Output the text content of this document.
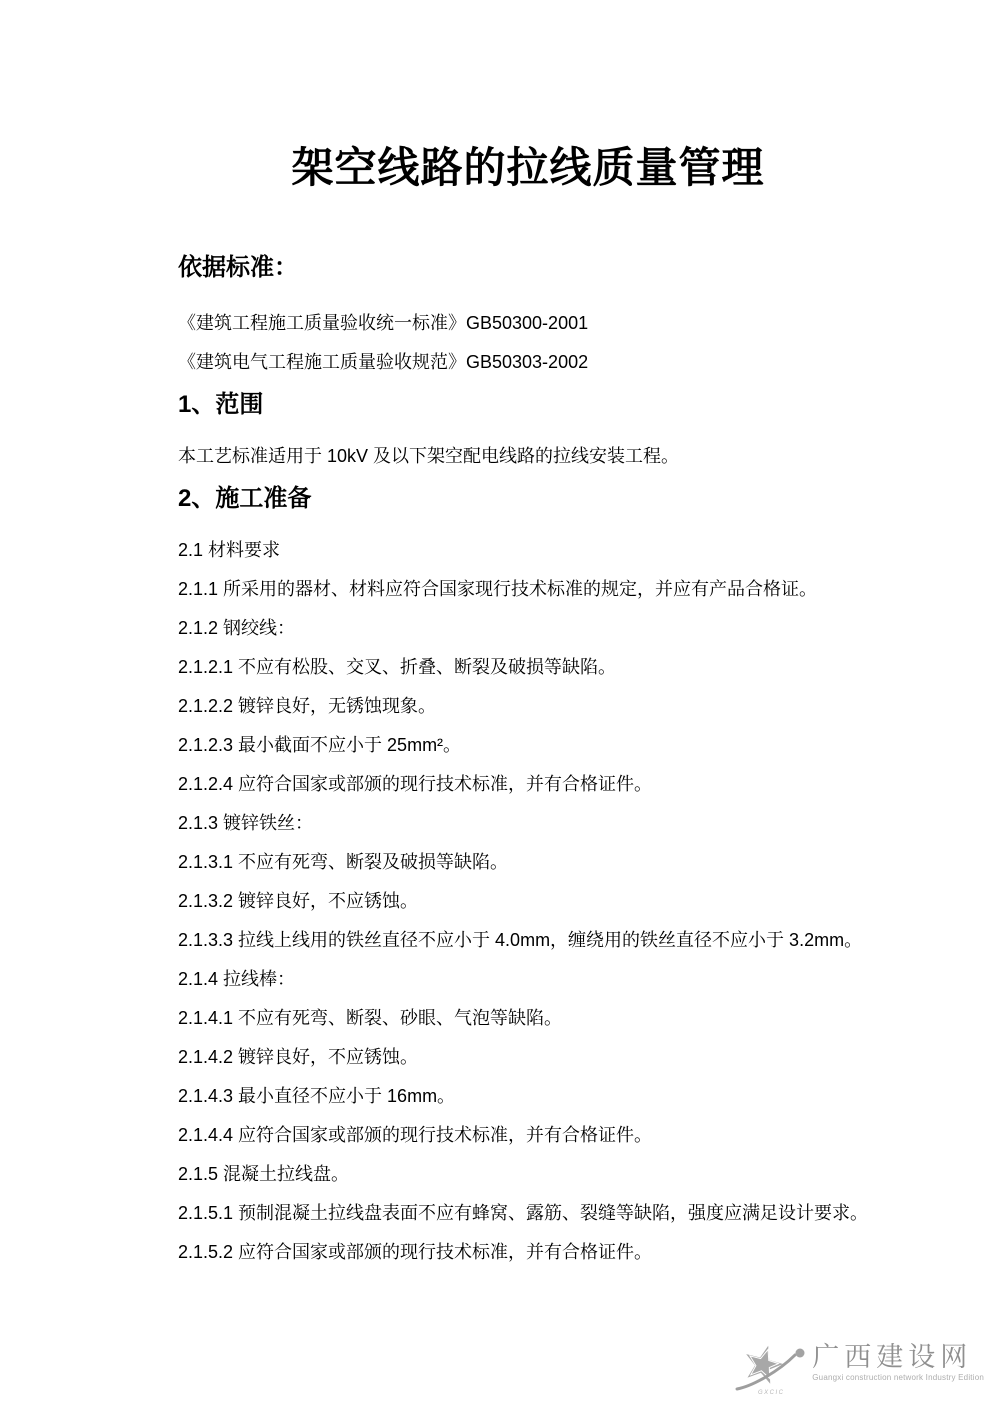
架空线路的拉线质量管理
依据标准：

《建筑工程施工质量验收统一标准》GB50300-2001

《建筑电气工程施工质量验收规范》GB50303-2002

1、范围

本工艺标准适用于 10kV 及以下架空配电线路的拉线安装工程。

2、施工准备

2.1 材料要求

2.1.1 所采用的器材、材料应符合国家现行技术标准的规定，并应有产品合格证。

2.1.2 钢绞线：

2.1.2.1 不应有松股、交叉、折叠、断裂及破损等缺陷。

2.1.2.2 镀锌良好，无锈蚀现象。

2.1.2.3 最小截面不应小于 25mm²。

2.1.2.4 应符合国家或部颁的现行技术标准，并有合格证件。

2.1.3 镀锌铁丝：

2.1.3.1 不应有死弯、断裂及破损等缺陷。

2.1.3.2 镀锌良好，不应锈蚀。

2.1.3.3 拉线上线用的铁丝直径不应小于 4.0mm，缠绕用的铁丝直径不应小于 3.2mm。

2.1.4 拉线棒：

2.1.4.1 不应有死弯、断裂、砂眼、气泡等缺陷。

2.1.4.2 镀锌良好，不应锈蚀。

2.1.4.3 最小直径不应小于 16mm。

2.1.4.4 应符合国家或部颁的现行技术标准，并有合格证件。

2.1.5 混凝土拉线盘。

2.1.5.1 预制混凝土拉线盘表面不应有蜂窝、露筋、裂缝等缺陷，强度应满足设计要求。

2.1.5.2 应符合国家或部颁的现行技术标准，并有合格证件。

GXCIC
广西建设网
Guangxi construction network Industry Edition
